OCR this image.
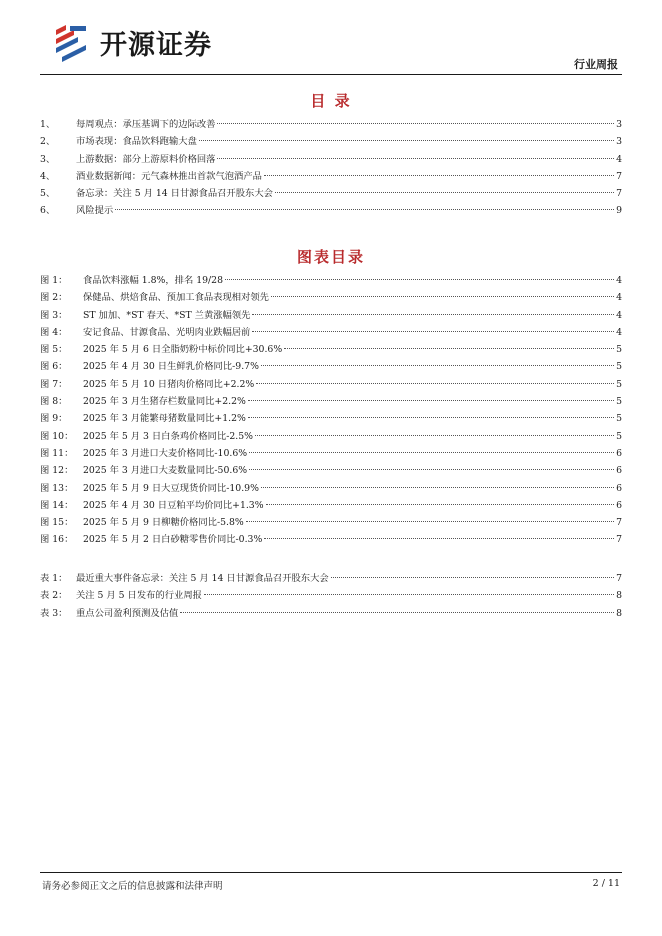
开源证券
行业周报
目 录
1、	每周观点：承压基调下的边际改善	3
2、	市场表现：食品饮料跑输大盘	3
3、	上游数据：部分上游原料价格回落	4
4、	酒业数据新闻：元气森林推出首款气泡酒产品	7
5、	备忘录：关注 5 月 14 日甘源食品召开股东大会	7
6、	风险提示	9
图表目录
图 1：	食品饮料涨幅 1.8%，排名 19/28	4
图 2：	保健品、烘焙食品、预加工食品表现相对领先	4
图 3：	ST 加加、*ST 春天、*ST 兰黄涨幅领先	4
图 4：	安记食品、甘源食品、光明肉业跌幅居前	4
图 5：	2025 年 5 月 6 日全脂奶粉中标价同比+30.6%	5
图 6：	2025 年 4 月 30 日生鲜乳价格同比-9.7%	5
图 7：	2025 年 5 月 10 日猪肉价格同比+2.2%	5
图 8：	2025 年 3 月生猪存栏数量同比+2.2%	5
图 9：	2025 年 3 月能繁母猪数量同比+1.2%	5
图 10：	2025 年 5 月 3 日白条鸡价格同比-2.5%	5
图 11：	2025 年 3 月进口大麦价格同比-10.6%	6
图 12：	2025 年 3 月进口大麦数量同比-50.6%	6
图 13：	2025 年 5 月 9 日大豆现货价同比-10.9%	6
图 14：	2025 年 4 月 30 日豆粕平均价同比+1.3%	6
图 15：	2025 年 5 月 9 日柳糖价格同比-5.8%	7
图 16：	2025 年 5 月 2 日白砂糖零售价同比-0.3%	7
表 1： 最近重大事件备忘录：关注 5 月 14 日甘源食品召开股东大会	7
表 2： 关注 5 月 5 日发布的行业周报	8
表 3： 重点公司盈利预测及估值	8
请务必参阅正文之后的信息披露和法律声明	2 / 11
